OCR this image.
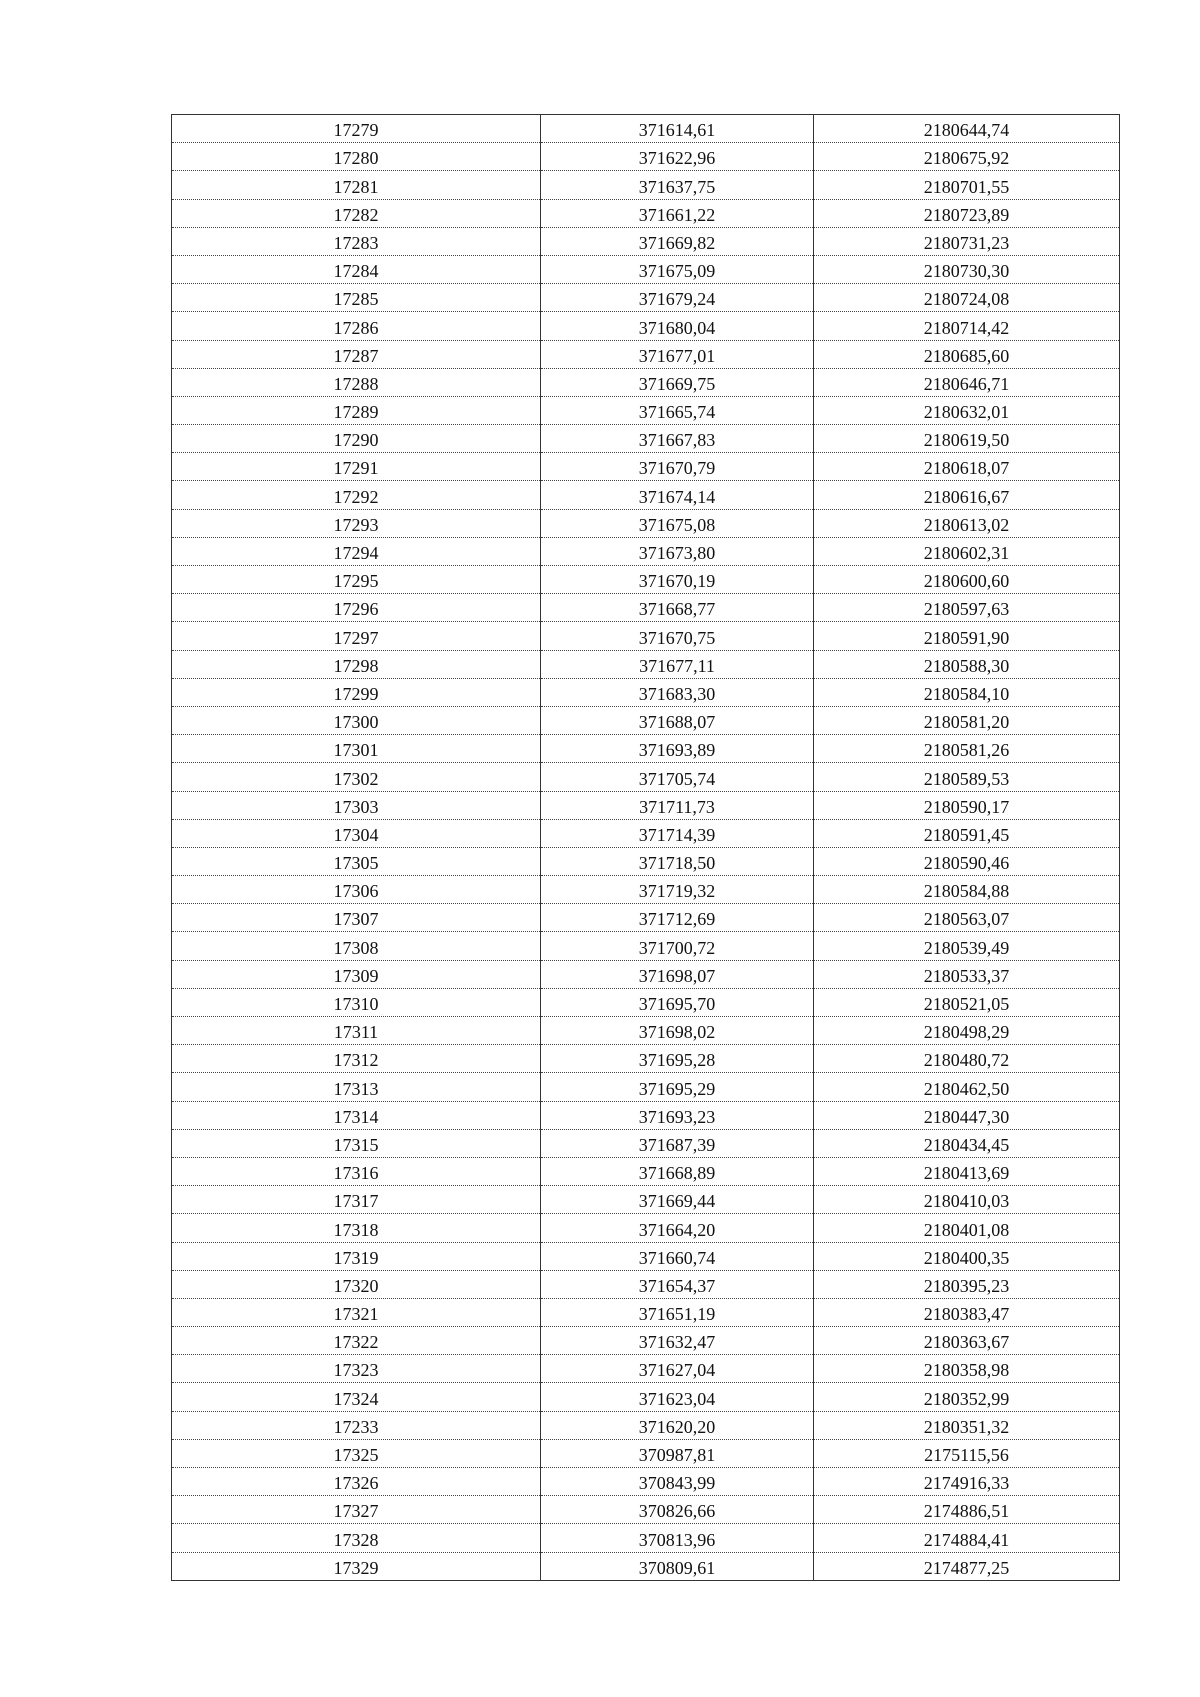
17279	371614,61	2180644,74
17280	371622,96	2180675,92
17281	371637,75	2180701,55
17282	371661,22	2180723,89
17283	371669,82	2180731,23
17284	371675,09	2180730,30
17285	371679,24	2180724,08
17286	371680,04	2180714,42
17287	371677,01	2180685,60
17288	371669,75	2180646,71
17289	371665,74	2180632,01
17290	371667,83	2180619,50
17291	371670,79	2180618,07
17292	371674,14	2180616,67
17293	371675,08	2180613,02
17294	371673,80	2180602,31
17295	371670,19	2180600,60
17296	371668,77	2180597,63
17297	371670,75	2180591,90
17298	371677,11	2180588,30
17299	371683,30	2180584,10
17300	371688,07	2180581,20
17301	371693,89	2180581,26
17302	371705,74	2180589,53
17303	371711,73	2180590,17
17304	371714,39	2180591,45
17305	371718,50	2180590,46
17306	371719,32	2180584,88
17307	371712,69	2180563,07
17308	371700,72	2180539,49
17309	371698,07	2180533,37
17310	371695,70	2180521,05
17311	371698,02	2180498,29
17312	371695,28	2180480,72
17313	371695,29	2180462,50
17314	371693,23	2180447,30
17315	371687,39	2180434,45
17316	371668,89	2180413,69
17317	371669,44	2180410,03
17318	371664,20	2180401,08
17319	371660,74	2180400,35
17320	371654,37	2180395,23
17321	371651,19	2180383,47
17322	371632,47	2180363,67
17323	371627,04	2180358,98
17324	371623,04	2180352,99
17233	371620,20	2180351,32
17325	370987,81	2175115,56
17326	370843,99	2174916,33
17327	370826,66	2174886,51
17328	370813,96	2174884,41
17329	370809,61	2174877,25
